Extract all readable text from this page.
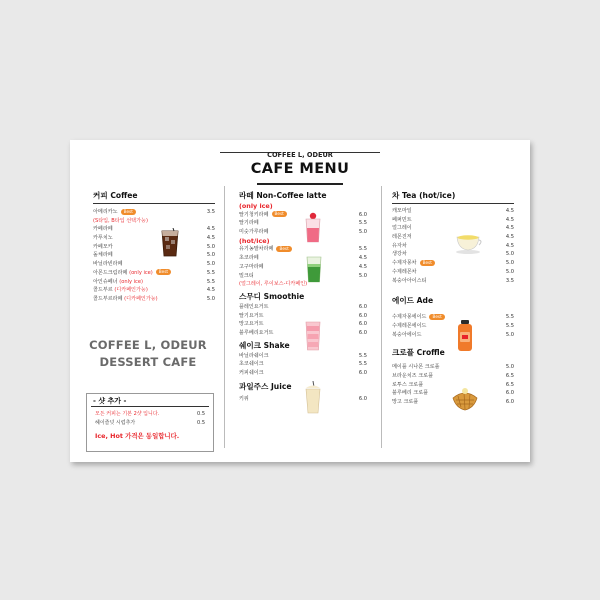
COFFEE L, ODEUR
CAFE MENU
커피 Coffee
아메리카노 Best	3.5
(S타입, B타입 선택가능)
카페라떼	4.5
카푸치노	4.5
카페모카	5.0
돌체라떼	5.0
바닐라빈라떼	5.0
아몬드크림라떼 (only ice) Best	5.5
아인슈페너 (only ice)	5.5
콜드부르 (디카페인가능)	4.5
콜드부르라떼 (디카페인가능)	5.0
COFFEE L, ODEUR
DESSERT CAFE
- 샷 추가 -
모든 커피는 기본 2샷 입니다.	0.5
헤이즐넛 시럽추가	0.5
Ice, Hot 가격은 동일합니다.
라떼 Non-Coffee latte
(only ice)
딸기청키라떼 Best	6.0
딸기라떼	5.5
미숫가루라떼	5.0
(hot/ice)
유기농말차라떼 Best	5.5
초코라떼	4.5
고구마라떼	4.5
밀크티	5.0
(얼그레이, 루이보스-디카페인)
스무디 Smoothie
플레인요거트	6.0
딸기요거트	6.0
망고요거트	6.0
블루베리요거트	6.0
쉐이크 Shake
바닐라쉐이크	5.5
초코쉐이크	5.5
커피쉐이크	6.0
과일주스 Juice
키위	6.0
차 Tea (hot/ice)
캐모마일	4.5
페퍼민트	4.5
얼그레이	4.5
레몬진저	4.5
유자차	4.5
생강차	5.0
수제자몽차 Best	5.0
수제레몬차	5.0
복숭아아이스티	3.5
에이드 Ade
수제자몽에이드 Best	5.5
수제레몬에이드	5.5
복숭아에이드	5.0
크로플 Croffle
메이플 시나몬 크로플	5.0
브라운치즈 크로플	6.5
로투스 크로플	6.5
블루베리 크로플	6.0
망고 크로플	6.0
